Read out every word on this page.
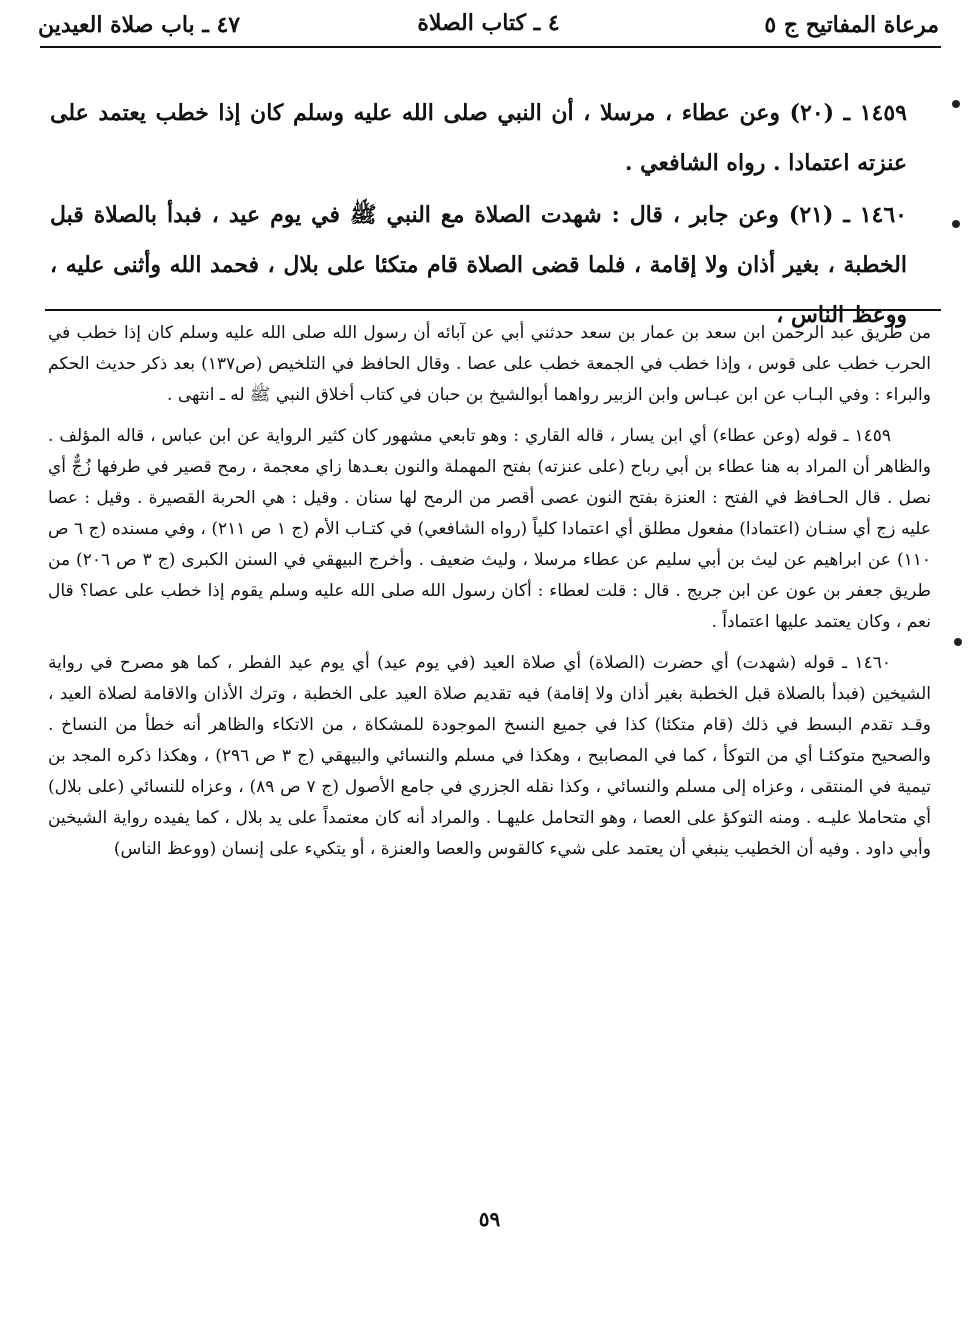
مرعاة المفاتيح ج ٥
٤ ـ كتاب الصلاة
٤٧ ـ باب صلاة العيدين
١٤٥٩ ـ (٢٠) وعن عطاء ، مرسلا ، أن النبي صلى الله عليه وسلم كان إذا خطب يعتمد على عنزته اعتمادا . رواه الشافعي .
١٤٦٠ ـ (٢١) وعن جابر ، قال : شهدت الصلاة مع النبي ﷺ في يوم عيد ، فبدأ بالصلاة قبل الخطبة ، بغير أذان ولا إقامة ، فلما قضى الصلاة قام متكئا على بلال ، فحمد الله وأثنى عليه ، ووعظ الناس ،

من طريق عبد الرحمن ابن سعد بن عمار بن سعد حدثني أبي عن آبائه أن رسول الله صلى الله عليه وسلم كان إذا خطب في الحرب خطب على قوس ، وإذا خطب في الجمعة خطب على عصا . وقال الحافظ في التلخيص (ص١٣٧) بعد ذكر حديث الحكم والبراء : وفي البـاب عن ابن عبـاس وابن الزبير رواهما أبوالشيخ بن حبان في كتاب أخلاق النبي ﷺ له ـ انتهى .

١٤٥٩ ـ قوله (وعن عطاء) أي ابن يسار ، قاله القاري : وهو تابعي مشهور كان كثير الرواية عن ابن عباس ، قاله المؤلف . والظاهر أن المراد به هنا عطاء بن أبي رباح (على عنزته) بفتح المهملة والنون بعـدها زاي معجمة ، رمح قصير في طرفها زُجٌّ أي نصل . قال الحـافظ في الفتح : العنزة بفتح النون عصى أقصر من الرمح لها سنان . وقيل : هي الحربة القصيرة . وقيل : عصا عليه زج أي سنـان (اعتمادا) مفعول مطلق أي اعتمادا كلياً (رواه الشافعي) في كتـاب الأم (ج ١ ص ٢١١) ، وفي مسنده (ج ٦ ص ١١٠) عن ابراهيم عن ليث بن أبي سليم عن عطاء مرسلا ، وليث ضعيف . وأخرج البيهقي في السنن الكبرى (ج ٣ ص ٢٠٦) من طريق جعفر بن عون عن ابن جريج . قال : قلت لعطاء : أكان رسول الله صلى الله عليه وسلم يقوم إذا خطب على عصا؟ قال نعم ، وكان يعتمد عليها اعتماداً .

١٤٦٠ ـ قوله (شهدت) أي حضرت (الصلاة) أي صلاة العيد (في يوم عيد) أي يوم عيد الفطر ، كما هو مصرح في رواية الشيخين (فبدأ بالصلاة قبل الخطبة بغير أذان ولا إقامة) فيه تقديم صلاة العيد على الخطبة ، وترك الأذان والاقامة لصلاة العيد ، وقـد تقدم البسط في ذلك (قام متكئا) كذا في جميع النسخ الموجودة للمشكاة ، من الاتكاء والظاهر أنه خطأ من النساخ . والصحيح متوكئـا أي من التوكأ ، كما في المصابيح ، وهكذا في مسلم والنسائي والبيهقي (ج ٣ ص ٢٩٦) ، وهكذا ذكره المجد بن تيمية في المنتقى ، وعزاه إلى مسلم والنسائي ، وكذا نقله الجزري في جامع الأصول (ج ٧ ص ٨٩) ، وعزاه للنسائي (على بلال) أي متحاملا عليـه . ومنه التوكؤ على العصا ، وهو التحامل عليهـا . والمراد أنه كان معتمداً على يد بلال ، كما يفيده رواية الشيخين وأبي داود . وفيه أن الخطيب ينبغي أن يعتمد على شيء كالقوس والعصا والعنزة ، أو يتكيء على إنسان (ووعظ الناس)

٥٩
